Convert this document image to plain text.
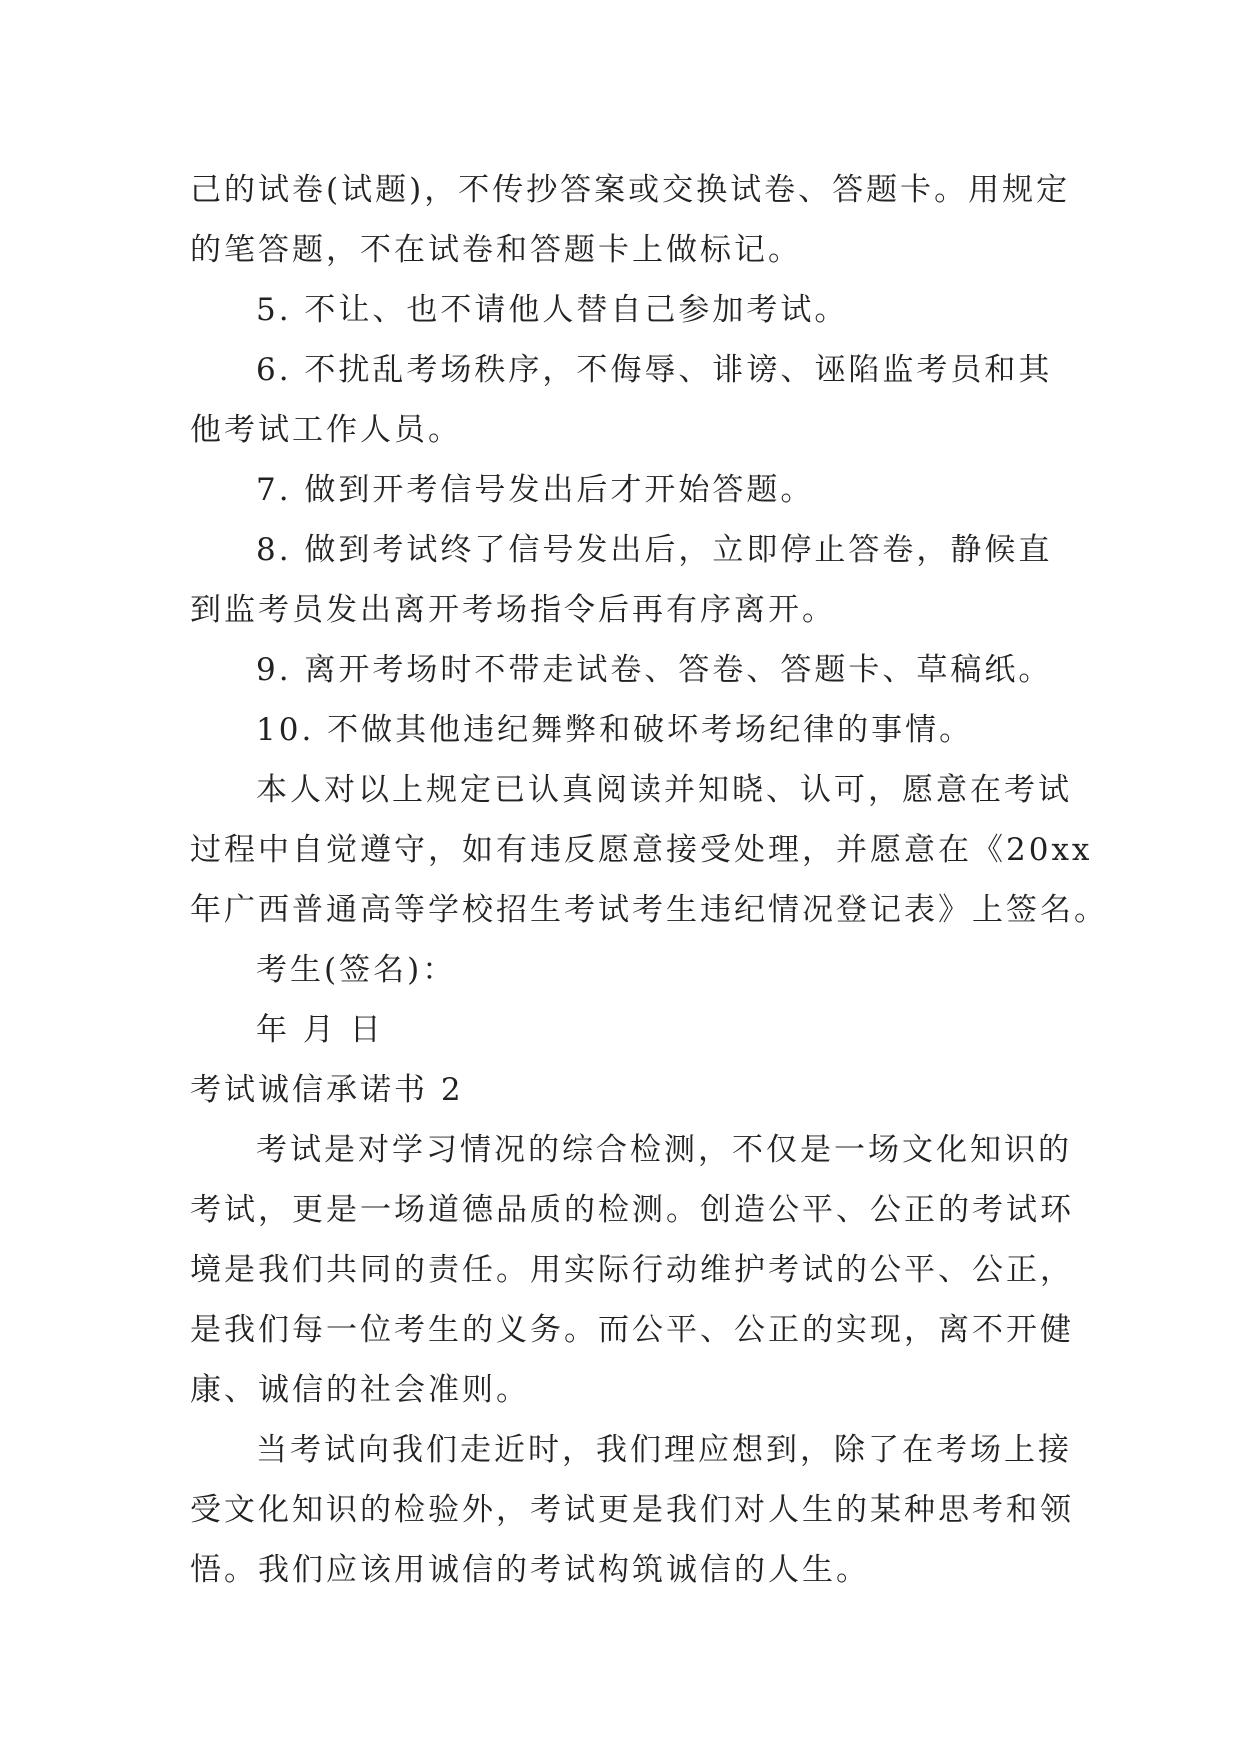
己的试卷(试题)，不传抄答案或交换试卷、答题卡。用规定
的笔答题，不在试卷和答题卡上做标记。
5. 不让、也不请他人替自己参加考试。
6. 不扰乱考场秩序，不侮辱、诽谤、诬陷监考员和其
他考试工作人员。
7. 做到开考信号发出后才开始答题。
8. 做到考试终了信号发出后，立即停止答卷，静候直
到监考员发出离开考场指令后再有序离开。
9. 离开考场时不带走试卷、答卷、答题卡、草稿纸。
10. 不做其他违纪舞弊和破坏考场纪律的事情。
本人对以上规定已认真阅读并知晓、认可，愿意在考试
过程中自觉遵守，如有违反愿意接受处理，并愿意在《20xx
年广西普通高等学校招生考试考生违纪情况登记表》上签名。
考生(签名)：
年 月 日
考试诚信承诺书 2
考试是对学习情况的综合检测，不仅是一场文化知识的
考试，更是一场道德品质的检测。创造公平、公正的考试环
境是我们共同的责任。用实际行动维护考试的公平、公正，
是我们每一位考生的义务。而公平、公正的实现，离不开健
康、诚信的社会准则。
当考试向我们走近时，我们理应想到，除了在考场上接
受文化知识的检验外，考试更是我们对人生的某种思考和领
悟。我们应该用诚信的考试构筑诚信的人生。
